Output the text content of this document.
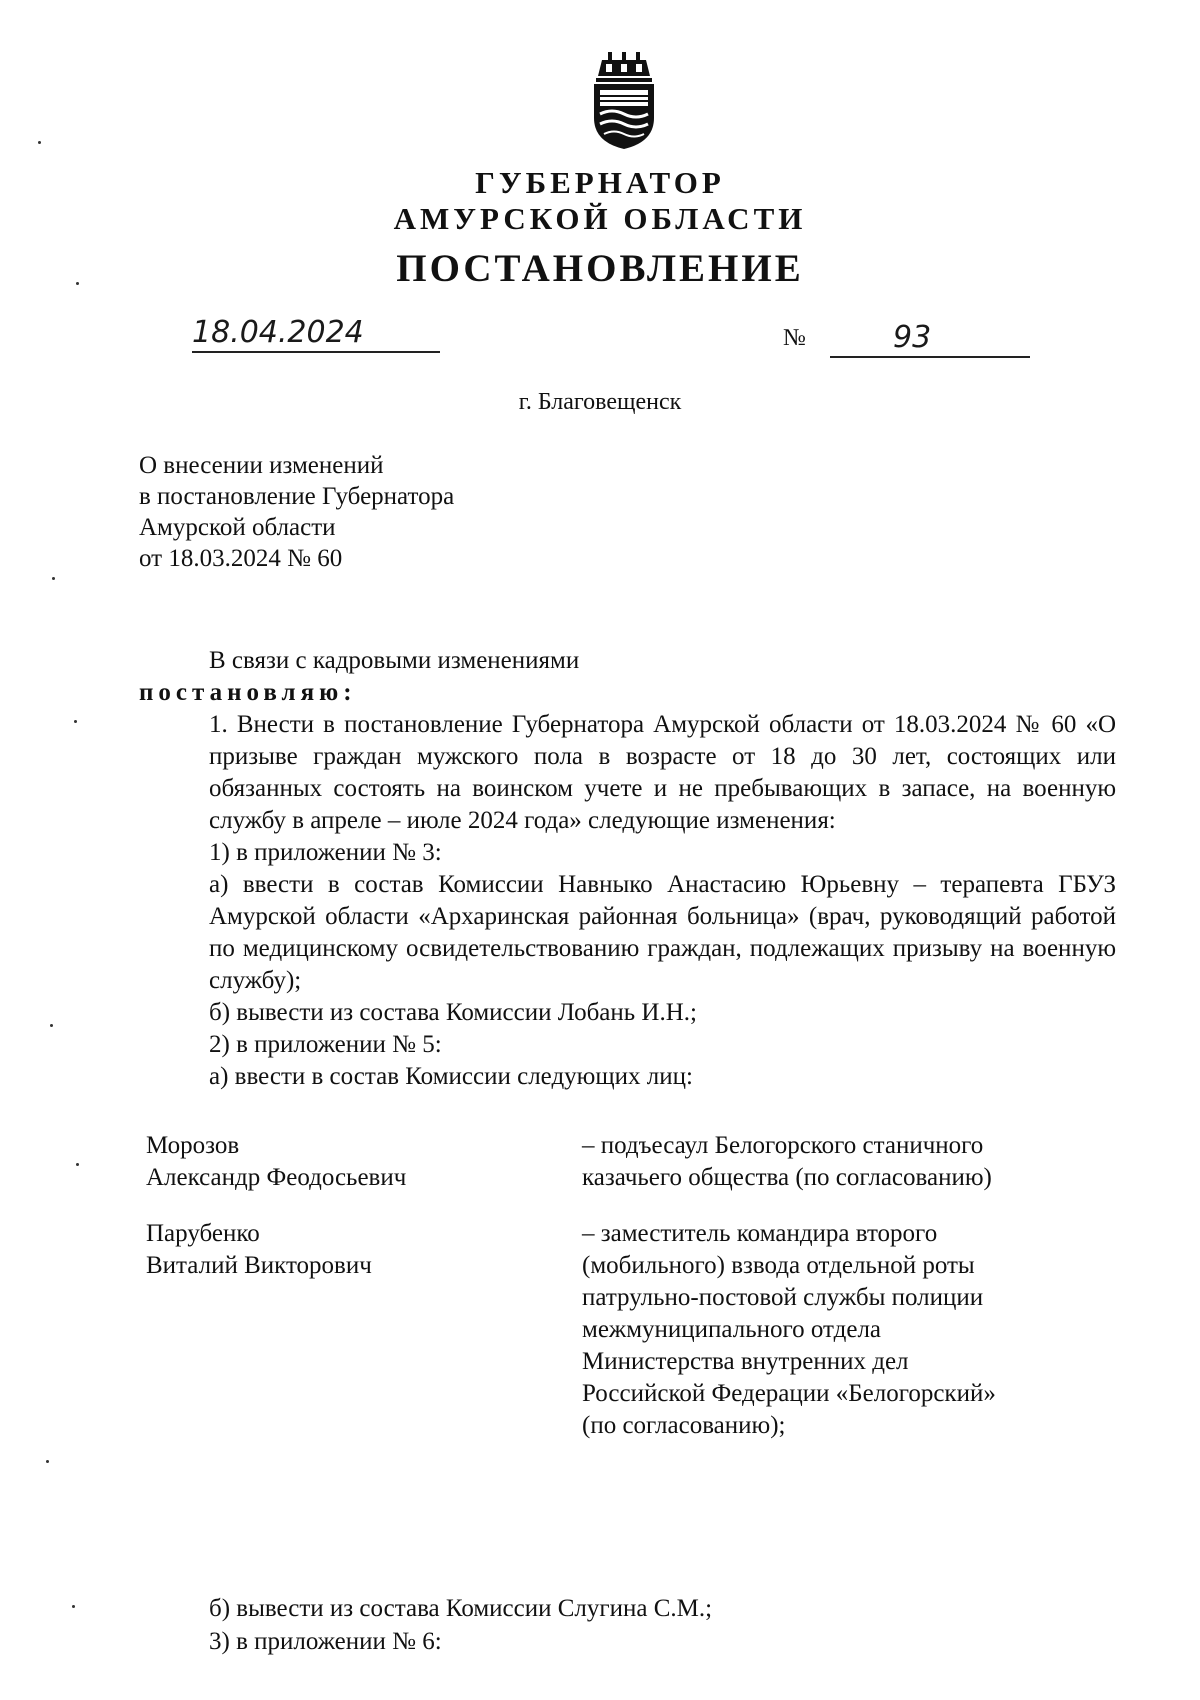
ГУБЕРНАТОР
АМУРСКОЙ ОБЛАСТИ
ПОСТАНОВЛЕНИЕ
18.04.2024	№	93
г. Благовещенск
О внесении изменений
в постановление Губернатора
Амурской области
от 18.03.2024 № 60

В связи с кадровыми изменениями

постановляю:

1. Внести в постановление Губернатора Амурской области от 18.03.2024 № 60 «О призыве граждан мужского пола в возрасте от 18 до 30 лет, состоящих или обязанных состоять на воинском учете и не пребывающих в запасе, на военную службу в апреле – июле 2024 года» следующие изменения:

1) в приложении № 3:

а) ввести в состав Комиссии Навныко Анастасию Юрьевну – терапевта ГБУЗ Амурской области «Архаринская районная больница» (врач, руководящий работой по медицинскому освидетельствованию граждан, подлежащих призыву на военную службу);

б) вывести из состава Комиссии Лобань И.Н.;

2) в приложении № 5:

а) ввести в состав Комиссии следующих лиц:

Морозов
Александр Феодосьевич
– подъесаул Белогорского станичного
казачьего общества (по согласованию)
Парубенко
Виталий Викторович
– заместитель командира второго
(мобильного) взвода отдельной роты
патрульно-постовой службы полиции
межмуниципального отдела
Министерства внутренних дел
Российской Федерации «Белогорский»
(по согласованию);
б) вывести из состава Комиссии Слугина С.М.;
3) в приложении № 6:
